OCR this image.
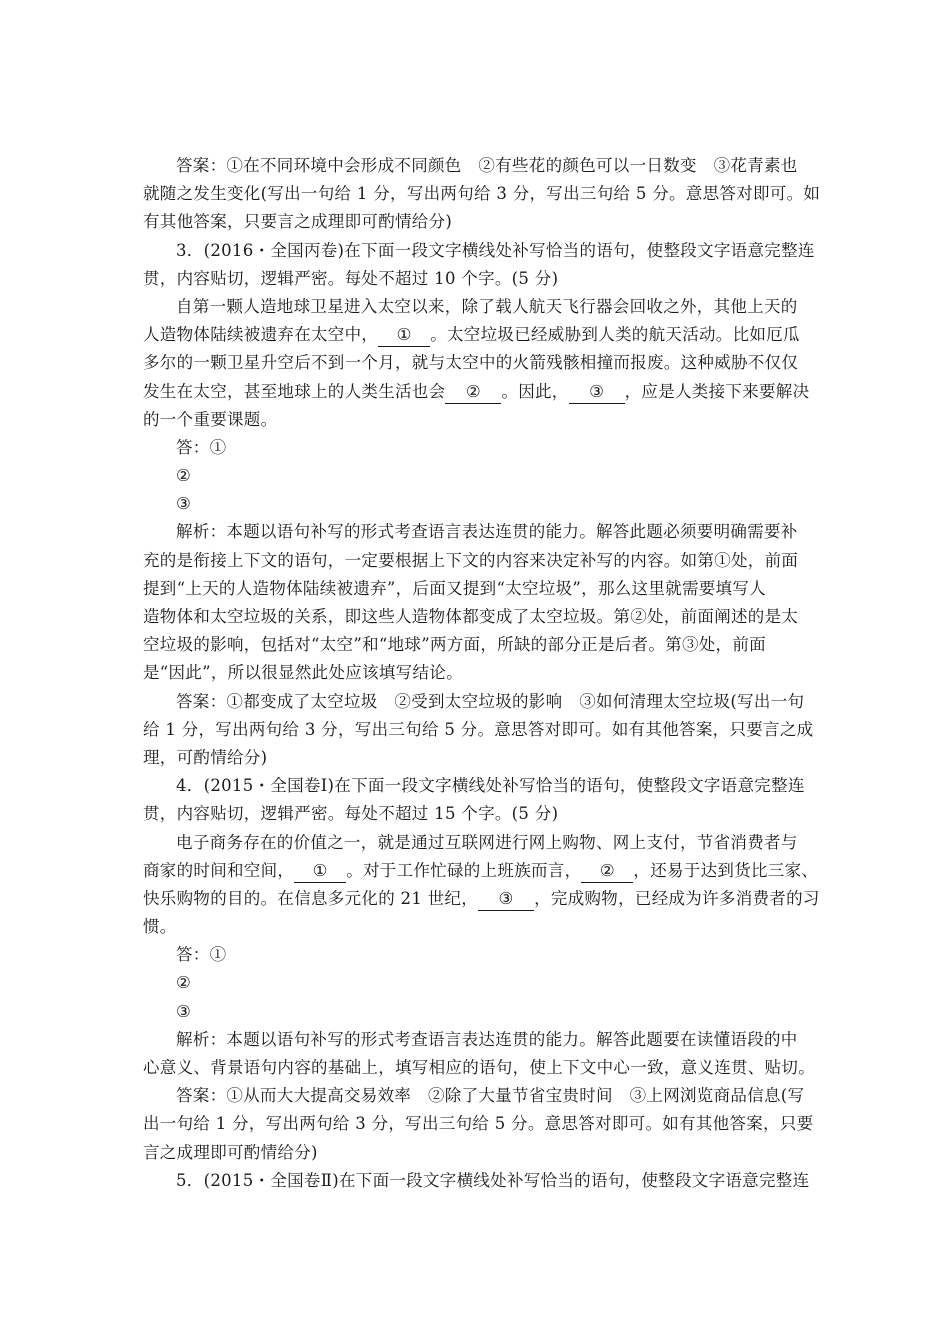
答案：①在不同环境中会形成不同颜色　②有些花的颜色可以一日数变　③花青素也
就随之发生变化(写出一句给 1 分，写出两句给 3 分，写出三句给 5 分。意思答对即可。如
有其他答案，只要言之成理即可酌情给分)
3．(2016・全国丙卷)在下面一段文字横线处补写恰当的语句，使整段文字语意完整连
贯，内容贴切，逻辑严密。每处不超过 10 个字。(5 分)
自第一颗人造地球卫星进入太空以来，除了载人航天飞行器会回收之外，其他上天的
人造物体陆续被遗弃在太空中， ① 。太空垃圾已经威胁到人类的航天活动。比如厄瓜
多尔的一颗卫星升空后不到一个月，就与太空中的火箭残骸相撞而报废。这种威胁不仅仅
发生在太空，甚至地球上的人类生活也会 ② 。因此， ③ ，应是人类接下来要解决
的一个重要课题。
答：①
②
③
解析：本题以语句补写的形式考查语言表达连贯的能力。解答此题必须要明确需要补
充的是衔接上下文的语句，一定要根据上下文的内容来决定补写的内容。如第①处，前面
提到“上天的人造物体陆续被遗弃”，后面又提到“太空垃圾”，那么这里就需要填写人
造物体和太空垃圾的关系，即这些人造物体都变成了太空垃圾。第②处，前面阐述的是太
空垃圾的影响，包括对“太空”和“地球”两方面，所缺的部分正是后者。第③处，前面
是“因此”，所以很显然此处应该填写结论。
答案：①都变成了太空垃圾　②受到太空垃圾的影响　③如何清理太空垃圾(写出一句
给 1 分，写出两句给 3 分，写出三句给 5 分。意思答对即可。如有其他答案，只要言之成
理，可酌情给分)
4．(2015・全国卷Ⅰ)在下面一段文字横线处补写恰当的语句，使整段文字语意完整连
贯，内容贴切，逻辑严密。每处不超过 15 个字。(5 分)
电子商务存在的价值之一，就是通过互联网进行网上购物、网上支付，节省消费者与
商家的时间和空间， ① 。对于工作忙碌的上班族而言， ② ，还易于达到货比三家、
快乐购物的目的。在信息多元化的 21 世纪， ③ ，完成购物，已经成为许多消费者的习
惯。
答：①
②
③
解析：本题以语句补写的形式考查语言表达连贯的能力。解答此题要在读懂语段的中
心意义、背景语句内容的基础上，填写相应的语句，使上下文中心一致，意义连贯、贴切。
答案：①从而大大提高交易效率　②除了大量节省宝贵时间　③上网浏览商品信息(写
出一句给 1 分，写出两句给 3 分，写出三句给 5 分。意思答对即可。如有其他答案，只要
言之成理即可酌情给分)
5．(2015・全国卷Ⅱ)在下面一段文字横线处补写恰当的语句，使整段文字语意完整连
